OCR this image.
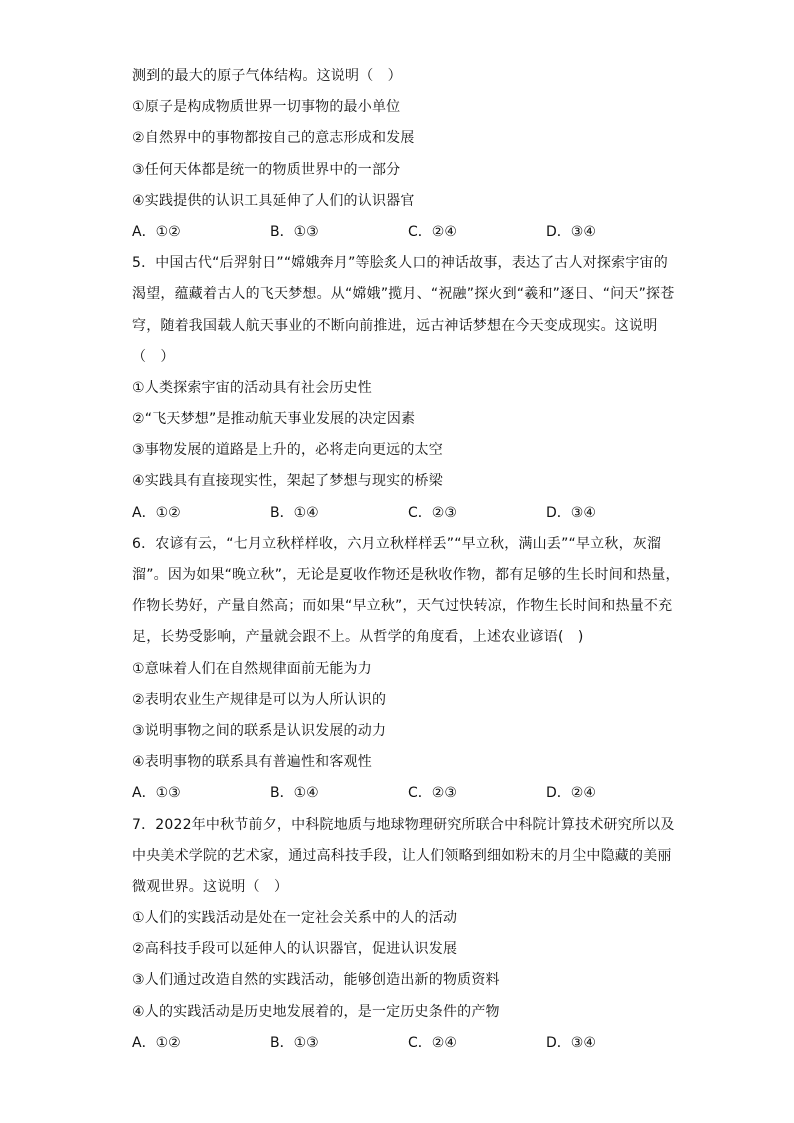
测到的最大的原子气体结构。这说明（　）
①原子是构成物质世界一切事物的最小单位
②自然界中的事物都按自己的意志形成和发展
③任何天体都是统一的物质世界中的一部分
④实践提供的认识工具延伸了人们的认识器官
A．①②	B．①③	C．②④	D．③④
5．中国古代“后羿射日”“嫦娥奔月”等脍炙人口的神话故事，表达了古人对探索宇宙的
渴望，蕴藏着古人的飞天梦想。从“嫦娥”揽月、“祝融”探火到“羲和”逐日、“问天”探苍
穹，随着我国载人航天事业的不断向前推进，远古神话梦想在今天变成现实。这说明
（　）
①人类探索宇宙的活动具有社会历史性
②“飞天梦想”是推动航天事业发展的决定因素
③事物发展的道路是上升的，必将走向更远的太空
④实践具有直接现实性，架起了梦想与现实的桥梁
A．①②	B．①④	C．②③	D．③④
6．农谚有云，“七月立秋样样收，六月立秋样样丢”“早立秋，满山丢”“早立秋，灰溜
溜”。因为如果“晚立秋”，无论是夏收作物还是秋收作物，都有足够的生长时间和热量，
作物长势好，产量自然高；而如果“早立秋”，天气过快转凉，作物生长时间和热量不充
足，长势受影响，产量就会跟不上。从哲学的角度看，上述农业谚语(　)
①意味着人们在自然规律面前无能为力
②表明农业生产规律是可以为人所认识的
③说明事物之间的联系是认识发展的动力
④表明事物的联系具有普遍性和客观性
A．①③	B．①④	C．②③	D．②④
7．2022年中秋节前夕，中科院地质与地球物理研究所联合中科院计算技术研究所以及
中央美术学院的艺术家，通过高科技手段，让人们领略到细如粉末的月尘中隐藏的美丽
微观世界。这说明（　）
①人们的实践活动是处在一定社会关系中的人的活动
②高科技手段可以延伸人的认识器官，促进认识发展
③人们通过改造自然的实践活动，能够创造出新的物质资料
④人的实践活动是历史地发展着的，是一定历史条件的产物
A．①②	B．①③	C．②④	D．③④
